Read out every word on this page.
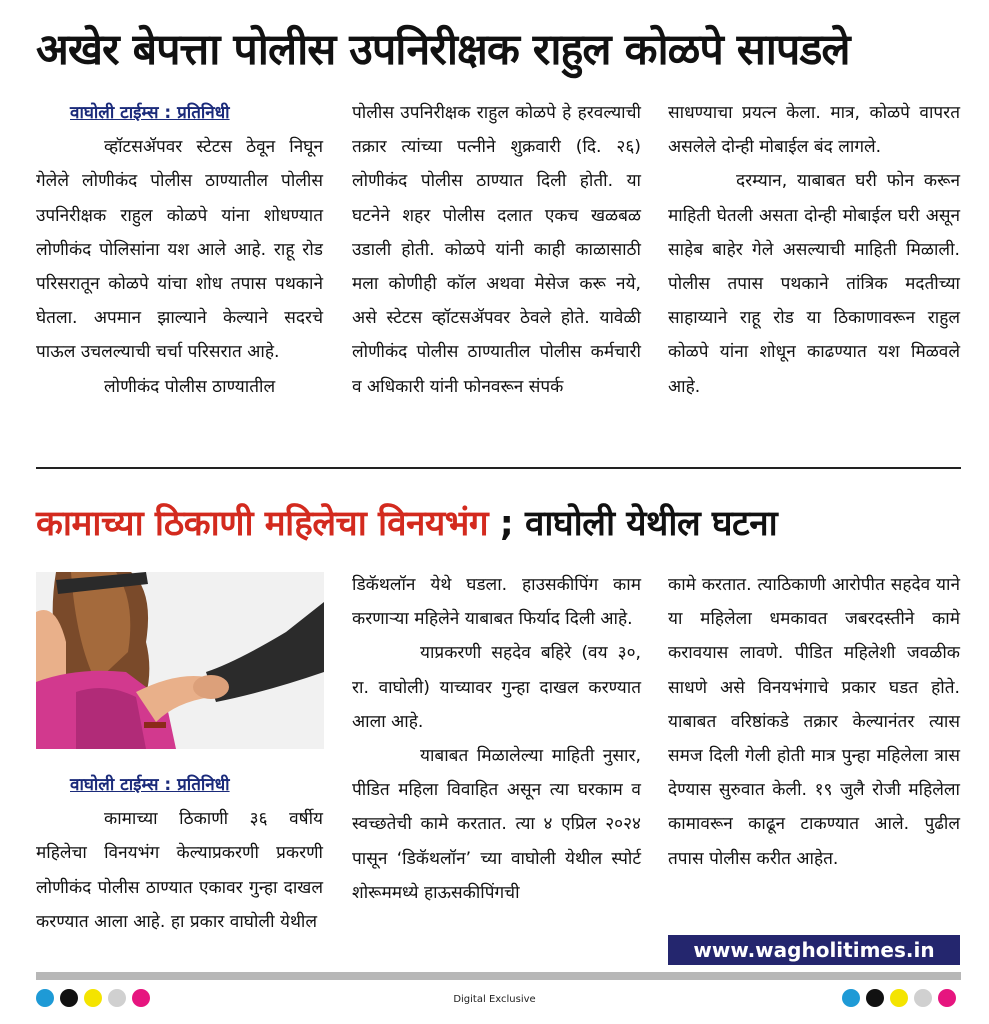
अखेर बेपत्ता पोलीस उपनिरीक्षक राहुल कोळपे सापडले
वाघोली टाईम्स : प्रतिनिधी

व्हॉटसॲपवर स्टेटस ठेवून निघून गेलेले लोणीकंद पोलीस ठाण्यातील पोलीस उपनिरीक्षक राहुल कोळपे यांना शोधण्यात लोणीकंद पोलिसांना यश आले आहे. राहू रोड परिसरातून कोळपे यांचा शोध तपास पथकाने घेतला. अपमान झाल्याने केल्याने सदरचे पाऊल उचलल्याची चर्चा परिसरात आहे.

लोणीकंद पोलीस ठाण्यातील

पोलीस उपनिरीक्षक राहुल कोळपे हे हरवल्याची तक्रार त्यांच्या पत्नीने शुक्रवारी (दि. २६) लोणीकंद पोलीस ठाण्यात दिली होती. या घटनेने शहर पोलीस दलात एकच खळबळ उडाली होती. कोळपे यांनी काही काळासाठी मला कोणीही कॉल अथवा मेसेज करू नये, असे स्टेटस व्हॉटसॲपवर ठेवले होते. यावेळी लोणीकंद पोलीस ठाण्यातील पोलीस कर्मचारी व अधिकारी यांनी फोनवरून संपर्क

साधण्याचा प्रयत्न केला. मात्र, कोळपे वापरत असलेले दोन्ही मोबाईल बंद लागले.

दरम्यान, याबाबत घरी फोन करून माहिती घेतली असता दोन्ही मोबाईल घरी असून साहेब बाहेर गेले असल्याची माहिती मिळाली. पोलीस तपास पथकाने तांत्रिक मदतीच्या साहाय्याने राहू रोड या ठिकाणावरून राहुल कोळपे यांना शोधून काढण्यात यश मिळवले आहे.

कामाच्या ठिकाणी महिलेचा विनयभंग ; वाघोली येथील घटना
वाघोली टाईम्स : प्रतिनिधी

कामाच्या ठिकाणी ३६ वर्षीय महिलेचा विनयभंग केल्याप्रकरणी प्रकरणी लोणीकंद पोलीस ठाण्यात एकावर गुन्हा दाखल करण्यात आला आहे. हा प्रकार वाघोली येथील

डिकॅथलॉन येथे घडला. हाउसकीपिंग काम करणाऱ्या महिलेने याबाबत फिर्याद दिली आहे.

याप्रकरणी सहदेव बहिरे (वय ३०, रा. वाघोली) याच्यावर गुन्हा दाखल करण्यात आला आहे.

याबाबत मिळालेल्या माहिती नुसार, पीडित महिला विवाहित असून त्या घरकाम व स्वच्छतेची कामे करतात. त्या ४ एप्रिल २०२४ पासून ‘डिकॅथलॉन’ च्या वाघोली येथील स्पोर्ट शोरूममध्ये हाऊसकीपिंगची

कामे करतात. त्याठिकाणी आरोपीत सहदेव याने या महिलेला धमकावत जबरदस्तीने कामे करावयास लावणे. पीडित महिलेशी जवळीक साधणे असे विनयभंगाचे प्रकार घडत होते. याबाबत वरिष्ठांकडे तक्रार केल्यानंतर त्यास समज दिली गेली होती मात्र पुन्हा महिलेला त्रास देण्यास सुरुवात केली. १९ जुलै रोजी महिलेला कामावरून काढून टाकण्यात आले. पुढील तपास पोलीस करीत आहेत.

www.wagholitimes.in
Digital Exclusive
